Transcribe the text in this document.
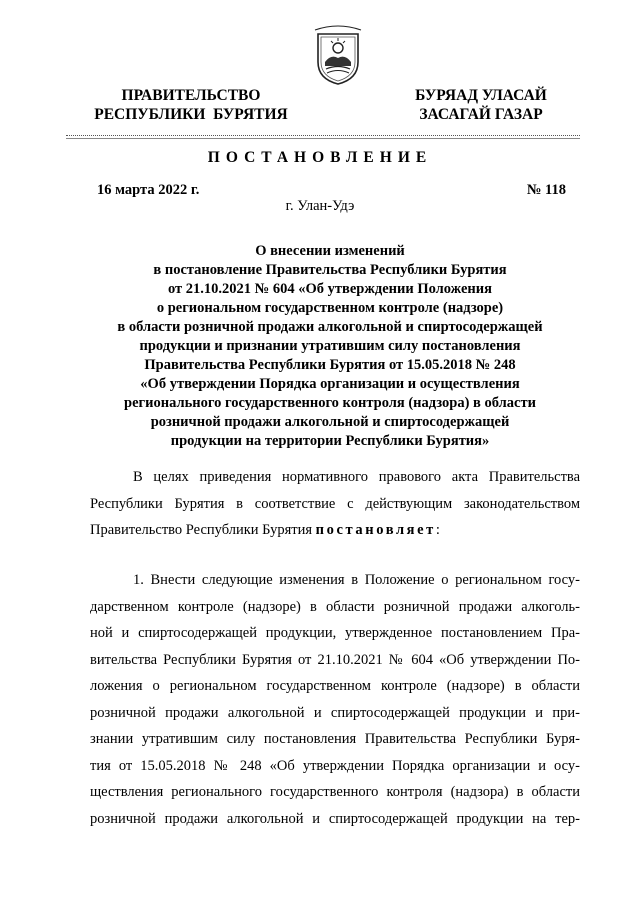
ПРАВИТЕЛЬСТВО
РЕСПУБЛИКИ  БУРЯТИЯ
БУРЯАД УЛАСАЙ
ЗАСАГАЙ ГАЗАР
ПОСТАНОВЛЕНИЕ
16 марта 2022 г.	№ 118
г. Улан-Удэ
О внесении изменений
в постановление Правительства Республики Бурятия
от 21.10.2021 № 604 «Об утверждении Положения
о региональном государственном контроле (надзоре)
в области розничной продажи алкогольной и спиртосодержащей
продукции и признании утратившим силу постановления
Правительства Республики Бурятия от 15.05.2018 № 248
«Об утверждении Порядка организации и осуществления
регионального государственного контроля (надзора) в области
розничной продажи алкогольной и спиртосодержащей
продукции на территории Республики Бурятия»
В целях приведения нормативного правового акта Правительства
Республики Бурятия в соответствие с действующим законодательством
Правительство Республики Бурятия постановляет:
1. Внести следующие изменения в Положение о региональном госу-
дарственном контроле (надзоре) в области розничной продажи алкоголь-
ной и спиртосодержащей продукции, утвержденное постановлением Пра-
вительства Республики Бурятия от 21.10.2021 № 604 «Об утверждении По-
ложения о региональном государственном контроле (надзоре) в области
розничной продажи алкогольной и спиртосодержащей продукции и при-
знании утратившим силу постановления Правительства Республики Буря-
тия от 15.05.2018 № 248 «Об утверждении Порядка организации и осу-
ществления регионального государственного контроля (надзора) в области
розничной продажи алкогольной и спиртосодержащей продукции на тер-
